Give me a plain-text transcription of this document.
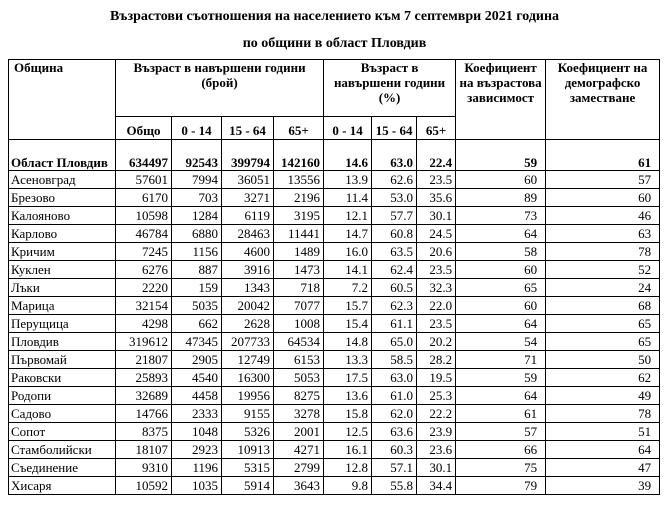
Възрастови съотношения на населението към 7 септември 2021 година
по общини в област Пловдив
Община	Възраст в навършени години (брой)				Възраст в навършени години (%)			Коефициент на възрастова зависимост	Коефициент на демографско заместване
	Общо	0 - 14	15 - 64	65+	0 - 14	15 - 64	65+		
Област Пловдив	634497	92543	399794	142160	14.6	63.0	22.4	59	61
Асеновград	57601	7994	36051	13556	13.9	62.6	23.5	60	57
Брезово	6170	703	3271	2196	11.4	53.0	35.6	89	60
Калояново	10598	1284	6119	3195	12.1	57.7	30.1	73	46
Карлово	46784	6880	28463	11441	14.7	60.8	24.5	64	63
Кричим	7245	1156	4600	1489	16.0	63.5	20.6	58	78
Куклен	6276	887	3916	1473	14.1	62.4	23.5	60	52
Лъки	2220	159	1343	718	7.2	60.5	32.3	65	24
Марица	32154	5035	20042	7077	15.7	62.3	22.0	60	68
Перущица	4298	662	2628	1008	15.4	61.1	23.5	64	65
Пловдив	319612	47345	207733	64534	14.8	65.0	20.2	54	65
Първомай	21807	2905	12749	6153	13.3	58.5	28.2	71	50
Раковски	25893	4540	16300	5053	17.5	63.0	19.5	59	62
Родопи	32689	4458	19956	8275	13.6	61.0	25.3	64	49
Садово	14766	2333	9155	3278	15.8	62.0	22.2	61	78
Сопот	8375	1048	5326	2001	12.5	63.6	23.9	57	51
Стамболийски	18107	2923	10913	4271	16.1	60.3	23.6	66	64
Съединение	9310	1196	5315	2799	12.8	57.1	30.1	75	47
Хисаря	10592	1035	5914	3643	9.8	55.8	34.4	79	39
